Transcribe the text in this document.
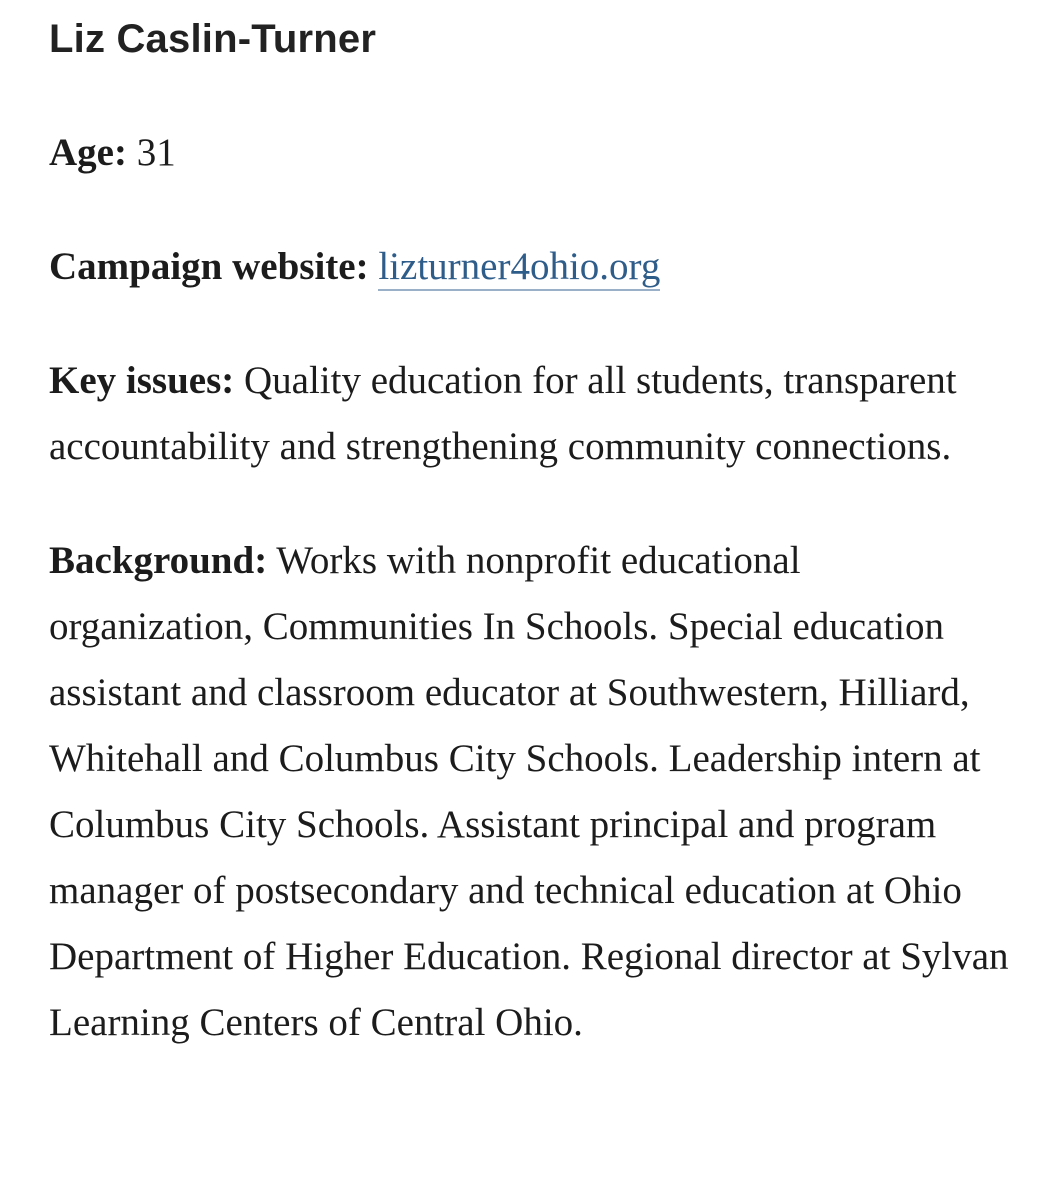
Liz Caslin-Turner

Age: 31

Campaign website: lizturner4ohio.org

Key issues: Quality education for all students, transparent accountability and strengthening community connections.

Background: Works with nonprofit educational organization, Communities In Schools. Special education assistant and classroom educator at Southwestern, Hilliard, Whitehall and Columbus City Schools. Leadership intern at Columbus City Schools. Assistant principal and program manager of postsecondary and technical education at Ohio Department of Higher Education. Regional director at Sylvan Learning Centers of Central Ohio.
